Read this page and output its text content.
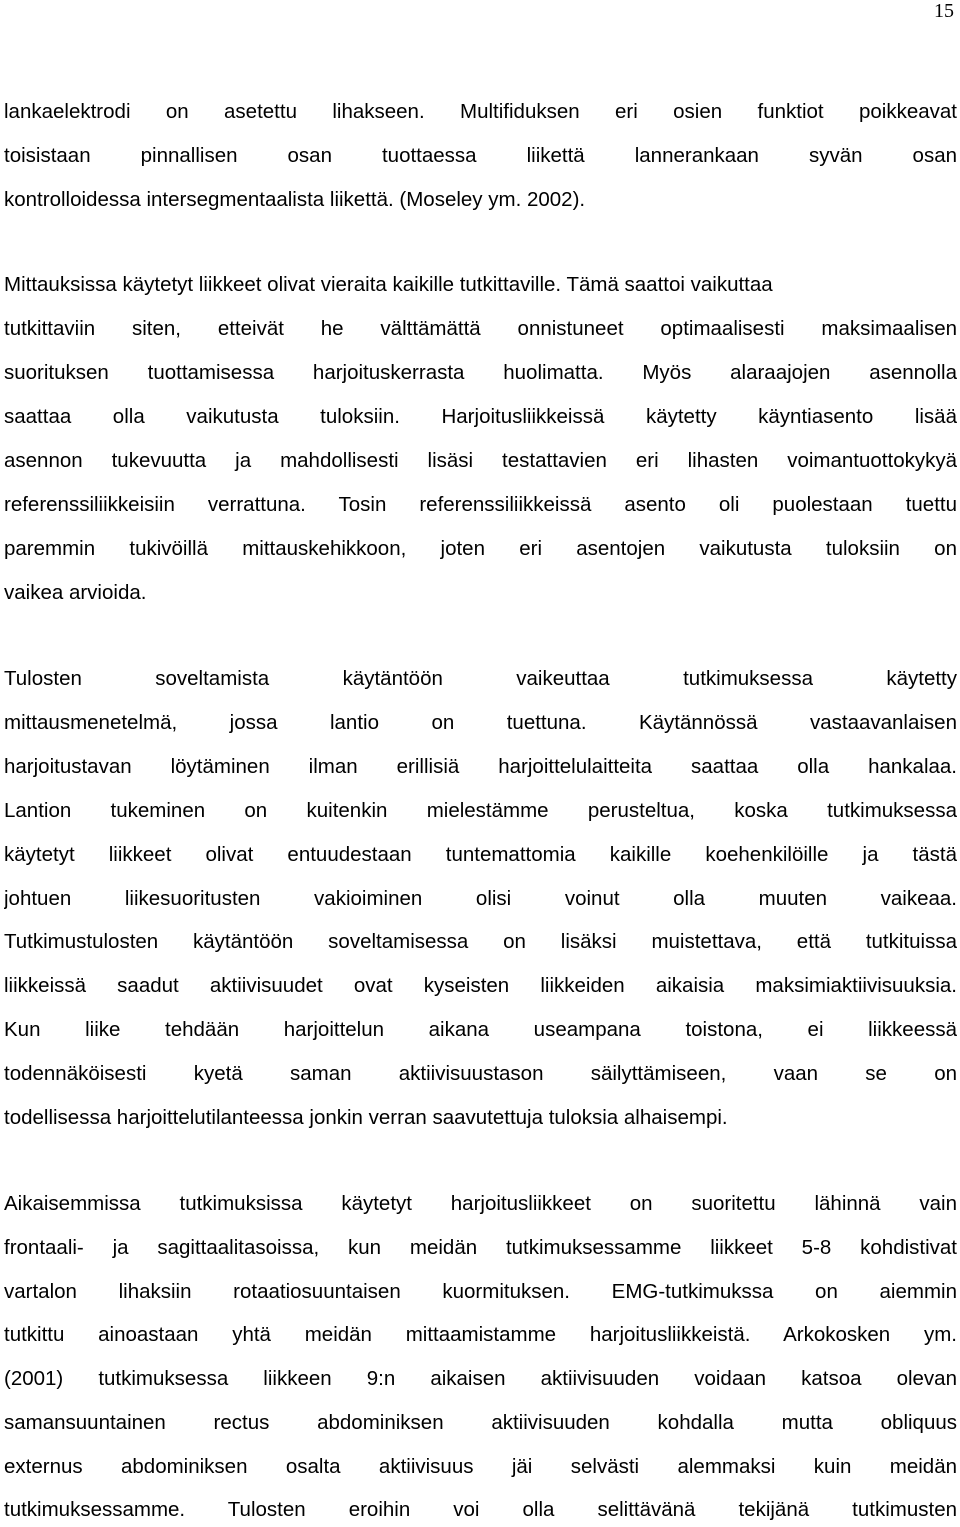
15
lankaelektrodi on asetettu lihakseen. Multifiduksen eri osien funktiot poikkeavat
toisistaan pinnallisen osan tuottaessa liikettä lannerankaan syvän osan
kontrolloidessa intersegmentaalista liikettä. (Moseley ym. 2002).
Mittauksissa käytetyt liikkeet olivat vieraita kaikille tutkittaville. Tämä saattoi vaikuttaa
tutkittaviin siten, etteivät he välttämättä onnistuneet optimaalisesti maksimaalisen
suorituksen tuottamisessa harjoituskerrasta huolimatta. Myös alaraajojen asennolla
saattaa olla vaikutusta tuloksiin. Harjoitusliikkeissä käytetty käyntiasento lisää
asennon tukevuutta ja mahdollisesti lisäsi testattavien eri lihasten voimantuottokykyä
referenssiliikkeisiin verrattuna. Tosin referenssiliikkeissä asento oli puolestaan tuettu
paremmin tukivöillä mittauskehikkoon, joten eri asentojen vaikutusta tuloksiin on
vaikea arvioida.
Tulosten soveltamista käytäntöön vaikeuttaa tutkimuksessa käytetty
mittausmenetelmä, jossa lantio on tuettuna. Käytännössä vastaavanlaisen
harjoitustavan löytäminen ilman erillisiä harjoittelulaitteita saattaa olla hankalaa.
Lantion tukeminen on kuitenkin mielestämme perusteltua, koska tutkimuksessa
käytetyt liikkeet olivat entuudestaan tuntemattomia kaikille koehenkilöille ja tästä
johtuen liikesuoritusten vakioiminen olisi voinut olla muuten vaikeaa.
Tutkimustulosten käytäntöön soveltamisessa on lisäksi muistettava, että tutkituissa
liikkeissä saadut aktiivisuudet ovat kyseisten liikkeiden aikaisia maksimiaktiivisuuksia.
Kun liike tehdään harjoittelun aikana useampana toistona, ei liikkeessä
todennäköisesti kyetä saman aktiivisuustason säilyttämiseen, vaan se on
todellisessa harjoittelutilanteessa jonkin verran saavutettuja tuloksia alhaisempi.
Aikaisemmissa tutkimuksissa käytetyt harjoitusliikkeet on suoritettu lähinnä vain
frontaali- ja sagittaalitasoissa, kun meidän tutkimuksessamme liikkeet 5-8 kohdistivat
vartalon lihaksiin rotaatiosuuntaisen kuormituksen. EMG-tutkimukssa on aiemmin
tutkittu ainoastaan yhtä meidän mittaamistamme harjoitusliikkeistä. Arkokosken ym.
(2001) tutkimuksessa liikkeen 9:n aikaisen aktiivisuuden voidaan katsoa olevan
samansuuntainen rectus abdominiksen aktiivisuuden kohdalla mutta obliquus
externus abdominiksen osalta aktiivisuus jäi selvästi alemmaksi kuin meidän
tutkimuksessamme. Tulosten eroihin voi olla selittävänä tekijänä tutkimusten
